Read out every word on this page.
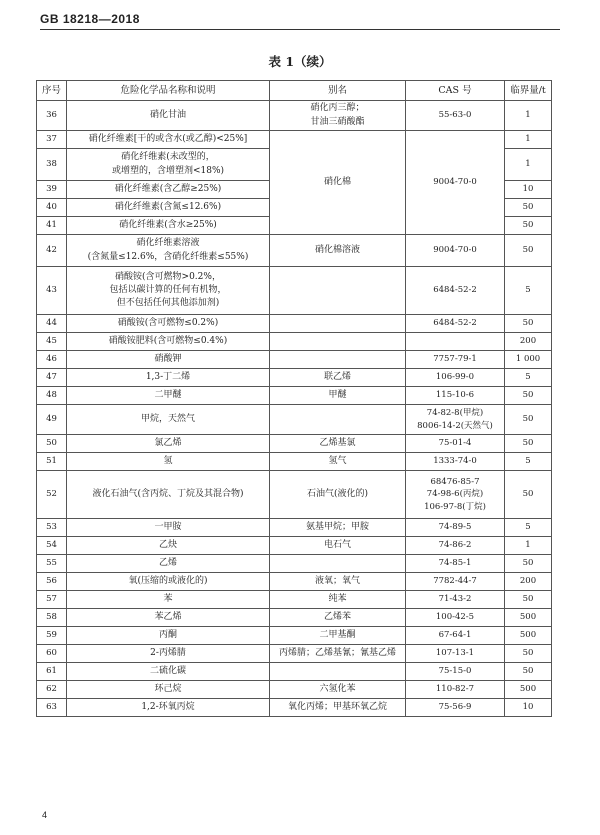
GB 18218—2018
表 1（续）
序号	危险化学品名称和说明	别名	CAS 号	临界量/t
36	硝化甘油	硝化丙三醇；
甘油三硝酸酯	55-63-0	1
37	硝化纤维素[干的或含水(或乙醇)<25%]	硝化棉	9004-70-0	1
38	硝化纤维素(未改型的，
或增塑的，含增塑剂<18%)			1
39	硝化纤维素(含乙醇≥25%)			10
40	硝化纤维素(含氮≤12.6%)			50
41	硝化纤维素(含水≥25%)			50
42	硝化纤维素溶液
(含氮量≤12.6%，含硝化纤维素≤55%)	硝化棉溶液	9004-70-0	50
43	硝酸铵(含可燃物>0.2%，
包括以碳计算的任何有机物，
但不包括任何其他添加剂)		6484-52-2	5
44	硝酸铵(含可燃物≤0.2%)		6484-52-2	50
45	硝酸铵肥料(含可燃物≤0.4%)			200
46	硝酸钾		7757-79-1	1 000
47	1,3-丁二烯	联乙烯	106-99-0	5
48	二甲醚	甲醚	115-10-6	50
49	甲烷，天然气		74-82-8(甲烷)
8006-14-2(天然气)	50
50	氯乙烯	乙烯基氯	75-01-4	50
51	氢	氢气	1333-74-0	5
52	液化石油气(含丙烷、丁烷及其混合物)	石油气(液化的)	68476-85-7
74-98-6(丙烷)
106-97-8(丁烷)	50
53	一甲胺	氨基甲烷；甲胺	74-89-5	5
54	乙炔	电石气	74-86-2	1
55	乙烯		74-85-1	50
56	氧(压缩的或液化的)	液氧；氧气	7782-44-7	200
57	苯	纯苯	71-43-2	50
58	苯乙烯	乙烯苯	100-42-5	500
59	丙酮	二甲基酮	67-64-1	500
60	2-丙烯腈	丙烯腈；乙烯基氰；氰基乙烯	107-13-1	50
61	二硫化碳		75-15-0	50
62	环己烷	六氢化苯	110-82-7	500
63	1,2-环氧丙烷	氧化丙烯；甲基环氧乙烷	75-56-9	10
4
